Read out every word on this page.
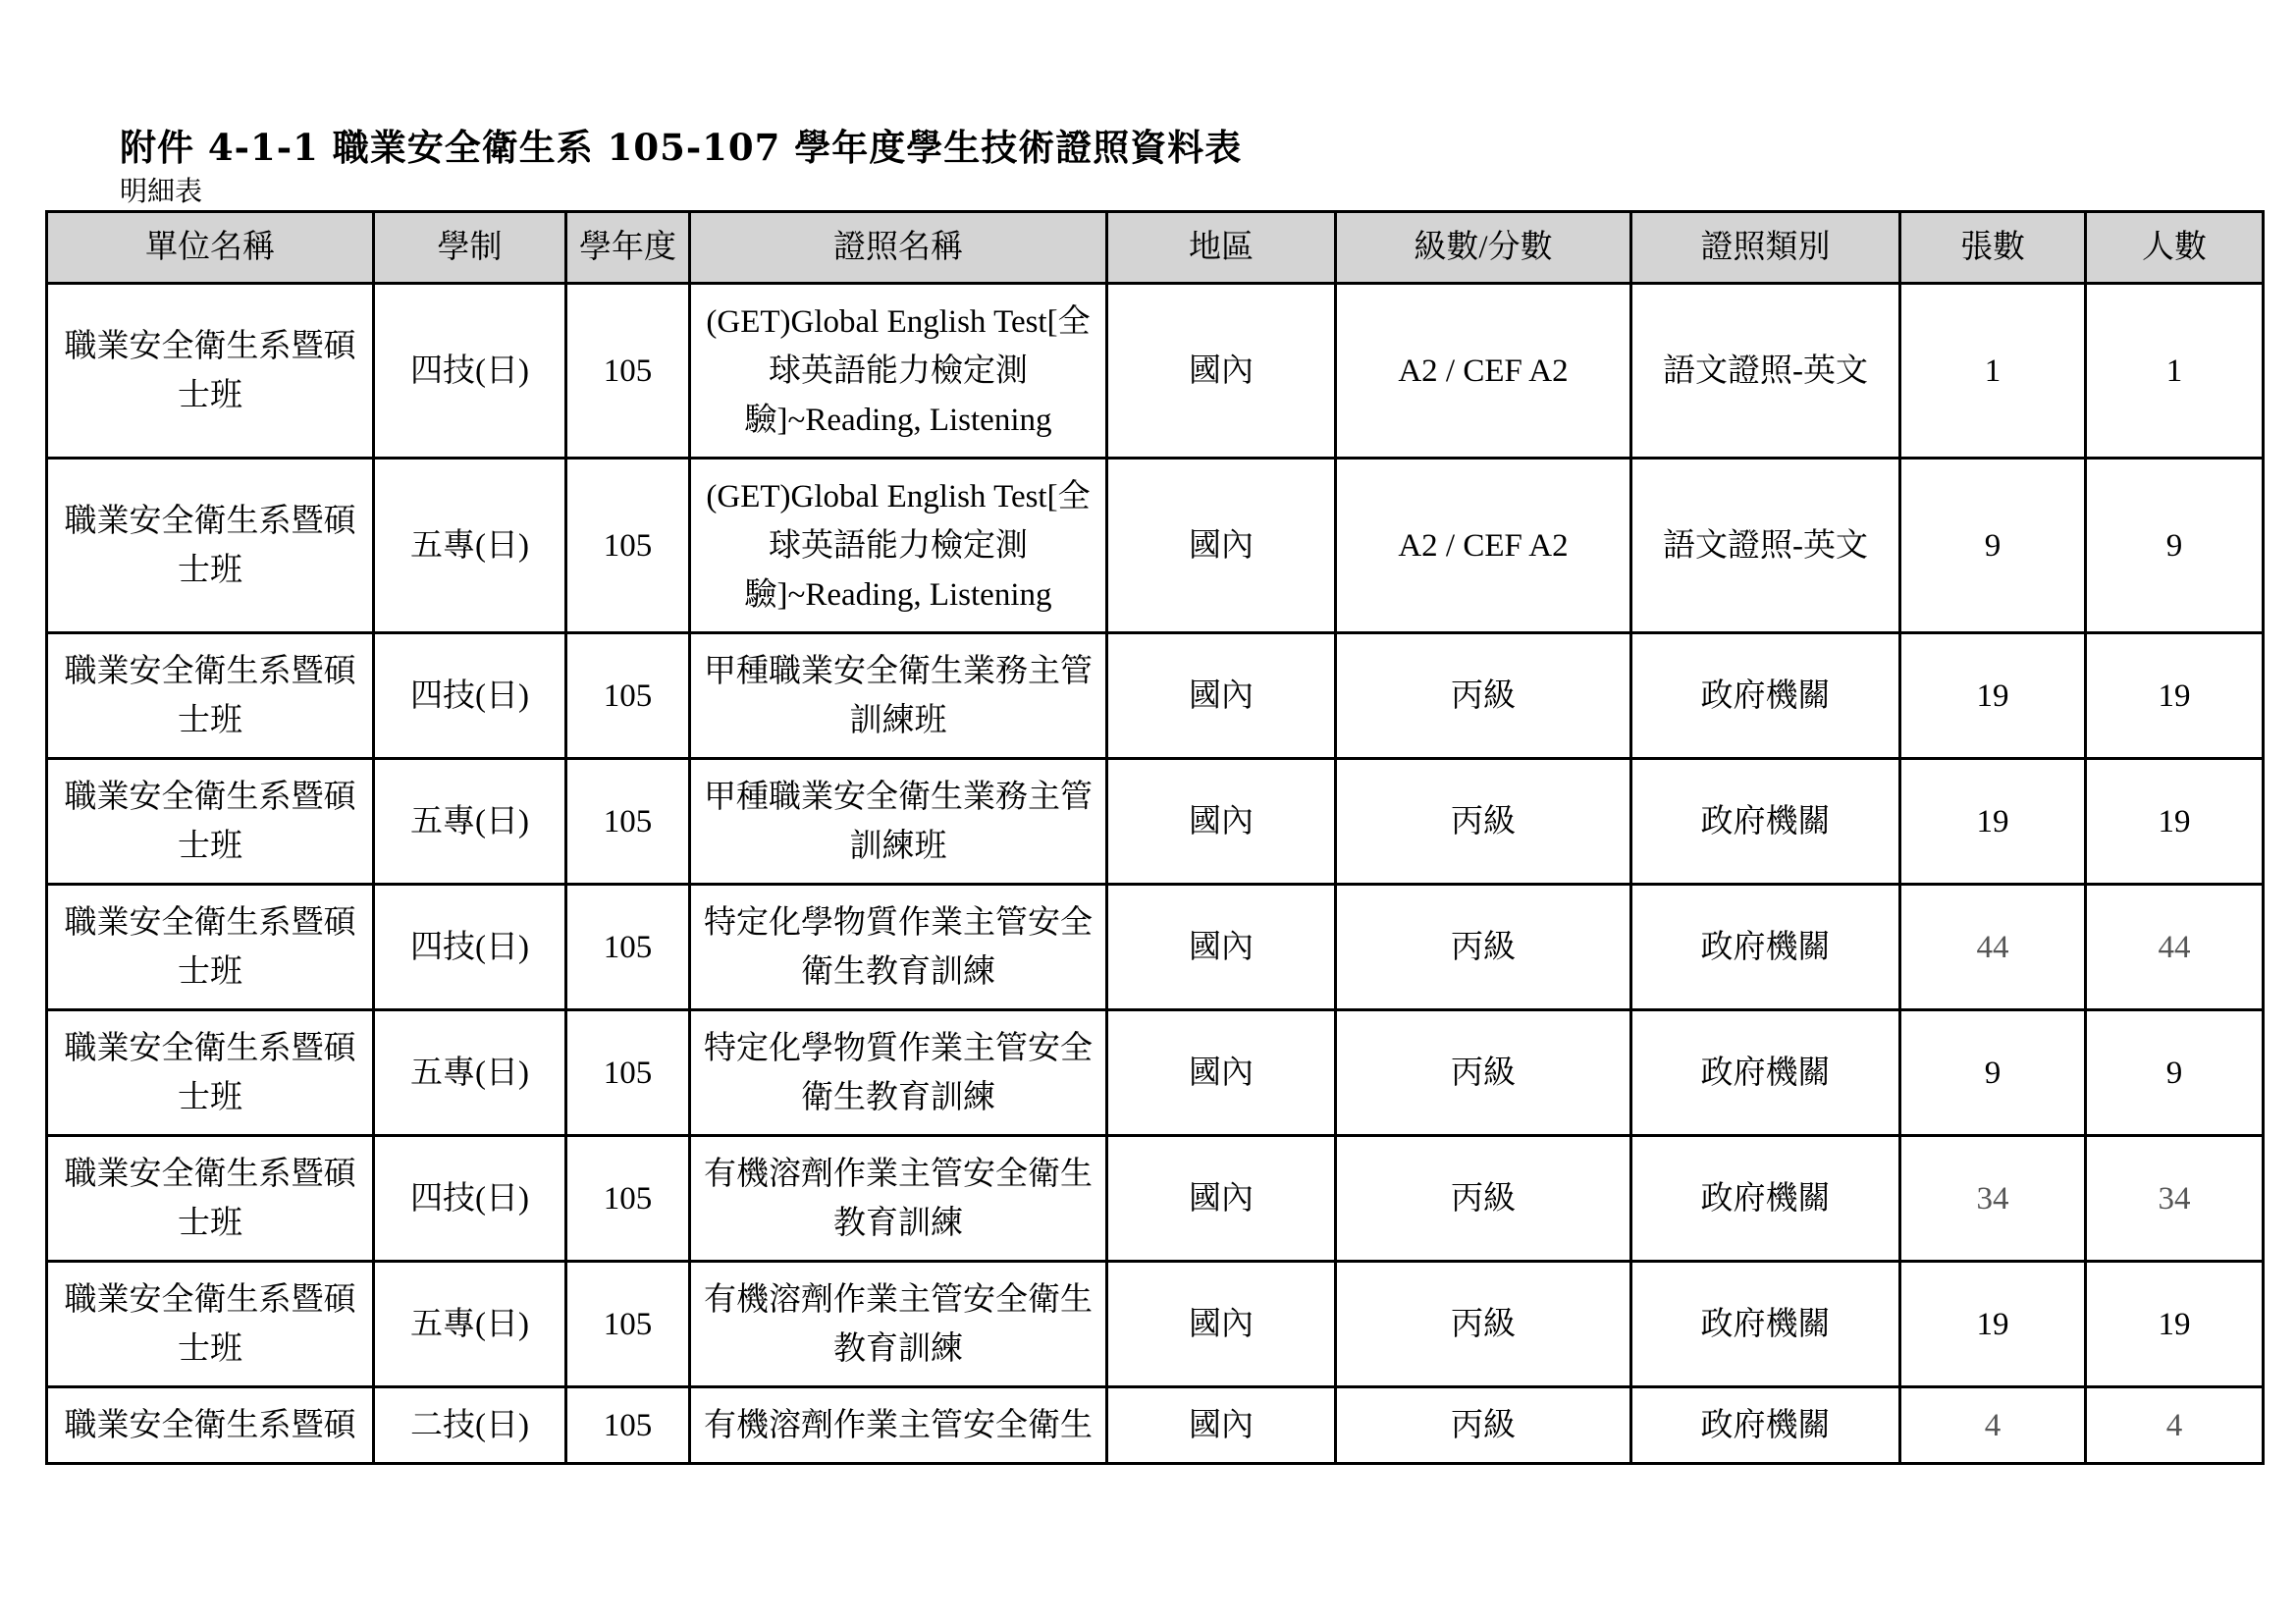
附件 4-1-1 職業安全衛生系 105-107 學年度學生技術證照資料表
明細表
單位名稱	學制	學年度	證照名稱	地區	級數/分數	證照類別	張數	人數
職業安全衛生系暨碩士班	四技(日)	105	(GET)Global English Test[全球英語能力檢定測驗]~Reading, Listening	國內	A2 / CEF A2	語文證照-英文	1	1
職業安全衛生系暨碩士班	五專(日)	105	(GET)Global English Test[全球英語能力檢定測驗]~Reading, Listening	國內	A2 / CEF A2	語文證照-英文	9	9
職業安全衛生系暨碩士班	四技(日)	105	甲種職業安全衛生業務主管訓練班	國內	丙級	政府機關	19	19
職業安全衛生系暨碩士班	五專(日)	105	甲種職業安全衛生業務主管訓練班	國內	丙級	政府機關	19	19
職業安全衛生系暨碩士班	四技(日)	105	特定化學物質作業主管安全衛生教育訓練	國內	丙級	政府機關	44	44
職業安全衛生系暨碩士班	五專(日)	105	特定化學物質作業主管安全衛生教育訓練	國內	丙級	政府機關	9	9
職業安全衛生系暨碩士班	四技(日)	105	有機溶劑作業主管安全衛生教育訓練	國內	丙級	政府機關	34	34
職業安全衛生系暨碩士班	五專(日)	105	有機溶劑作業主管安全衛生教育訓練	國內	丙級	政府機關	19	19
職業安全衛生系暨碩	二技(日)	105	有機溶劑作業主管安全衛生	國內	丙級	政府機關	4	4
